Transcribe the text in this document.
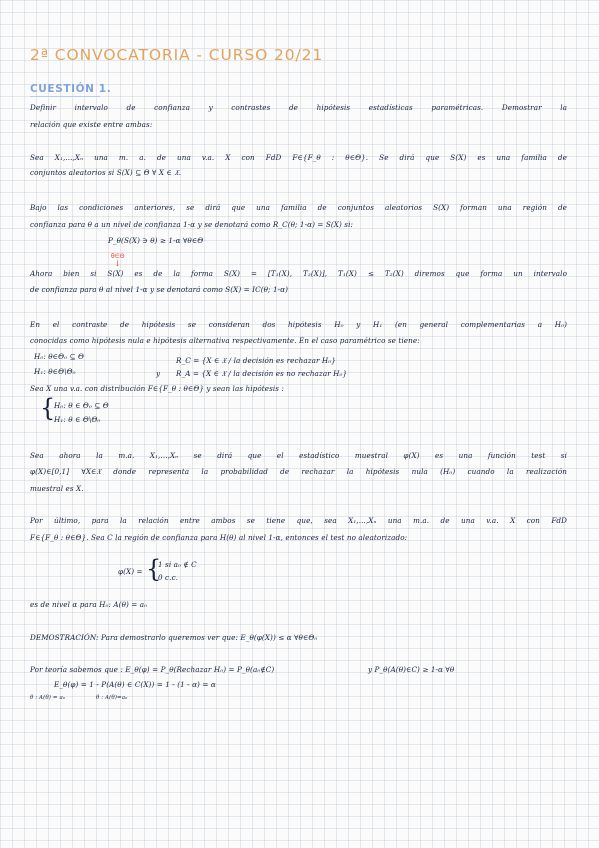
2ª CONVOCATORIA - CURSO 20/21
CUESTIÓN 1.
Definir intervalo de confianza y contrastes de hipótesis estadísticas paramétricas. Demostrar la
relación que existe entre ambas:
Sea X₁,...,Xₙ una m. a. de una v.a. X con FdD F∈{F_θ : θ∈Θ}. Se dirá que S(X) es una familia de
conjuntos aleatorios si S(X) ⊆ Θ ∀ X ∈ 𝔛.
Bajo las condiciones anteriores, se dirá que una familia de conjuntos aleatorios S(X) forman una región de
confianza para θ a un nivel de confianza 1-α y se denotará como R_C(θ; 1-α) = S(X) si:
P_θ(S(X) ∋ θ) ≥ 1-α ∀θ∈Θ
θ∈Θ
↓
Ahora bien si S(X) es de la forma S(X) = [T₁(X), T₂(X)], T₁(X) ≤ T₂(X) diremos que forma un intervalo
de confianza para θ al nivel 1-α y se denotará como S(X) = IC(θ; 1-α)
En el contraste de hipótesis se consideran dos hipótesis H₀ y H₁ (en general complementarias a H₀)
conocidas como hipótesis nula e hipótesis alternativa respectivamente. En el caso paramétrico se tiene:
H₀: θ∈Θ₀ ⊆ Θ	R_C = {X ∈ 𝔛 / la decisión es rechazar H₀}
H₁: θ∈Θ\Θ₀	y R_A = {X ∈ 𝔛 / la decisión es no rechazar H₀}
Sea X una v.a. con distribución F∈{F_θ : θ∈Θ} y sean las hipótesis :
{
H₀: θ ∈ Θ₀ ⊆ Θ
H₁: θ ∈ Θ\Θ₀
Sea ahora la m.a. X₁,...,Xₙ se dirá que el estadístico muestral φ(X) es una función test si
φ(X)∈[0,1] ∀X∈𝔛 donde representa la probabilidad de rechazar la hipótesis nula (H₀) cuando la realización
muestral es X.
Por último, para la relación entre ambos se tiene que, sea X₁,...,Xₙ una m.a. de una v.a. X con FdD
F∈{F_θ : θ∈Θ}. Sea C la región de confianza para H(θ) al nivel 1-α, entonces el test no aleatorizado:
φ(X) = {
1 si a₀ ∉ C
0 c.c.
es de nivel α para H₀: A(θ) = a₀
DEMOSTRACIÓN: Para demostrarlo queremos ver que: E_θ(φ(X)) ≤ α ∀θ∈Θ₀
Por teoría sabemos que : E_θ(φ) = P_θ(Rechazar H₀) = P_θ(a₀∉C)	y P_θ(A(θ)∈C) ≥ 1-α ∀θ
E_θ(φ) = 1 - P(A(θ) ∈ C(X)) = 1 - (1 - α) = α
θ : A(θ) = a₀	θ : A(θ)=a₀
